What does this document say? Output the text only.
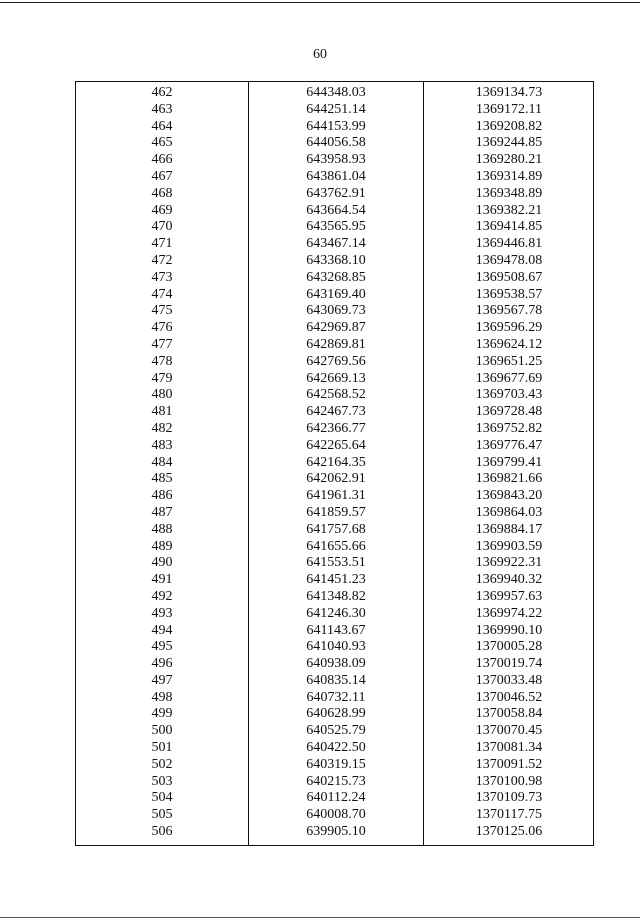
60
462	644348.03	1369134.73
463	644251.14	1369172.11
464	644153.99	1369208.82
465	644056.58	1369244.85
466	643958.93	1369280.21
467	643861.04	1369314.89
468	643762.91	1369348.89
469	643664.54	1369382.21
470	643565.95	1369414.85
471	643467.14	1369446.81
472	643368.10	1369478.08
473	643268.85	1369508.67
474	643169.40	1369538.57
475	643069.73	1369567.78
476	642969.87	1369596.29
477	642869.81	1369624.12
478	642769.56	1369651.25
479	642669.13	1369677.69
480	642568.52	1369703.43
481	642467.73	1369728.48
482	642366.77	1369752.82
483	642265.64	1369776.47
484	642164.35	1369799.41
485	642062.91	1369821.66
486	641961.31	1369843.20
487	641859.57	1369864.03
488	641757.68	1369884.17
489	641655.66	1369903.59
490	641553.51	1369922.31
491	641451.23	1369940.32
492	641348.82	1369957.63
493	641246.30	1369974.22
494	641143.67	1369990.10
495	641040.93	1370005.28
496	640938.09	1370019.74
497	640835.14	1370033.48
498	640732.11	1370046.52
499	640628.99	1370058.84
500	640525.79	1370070.45
501	640422.50	1370081.34
502	640319.15	1370091.52
503	640215.73	1370100.98
504	640112.24	1370109.73
505	640008.70	1370117.75
506	639905.10	1370125.06
